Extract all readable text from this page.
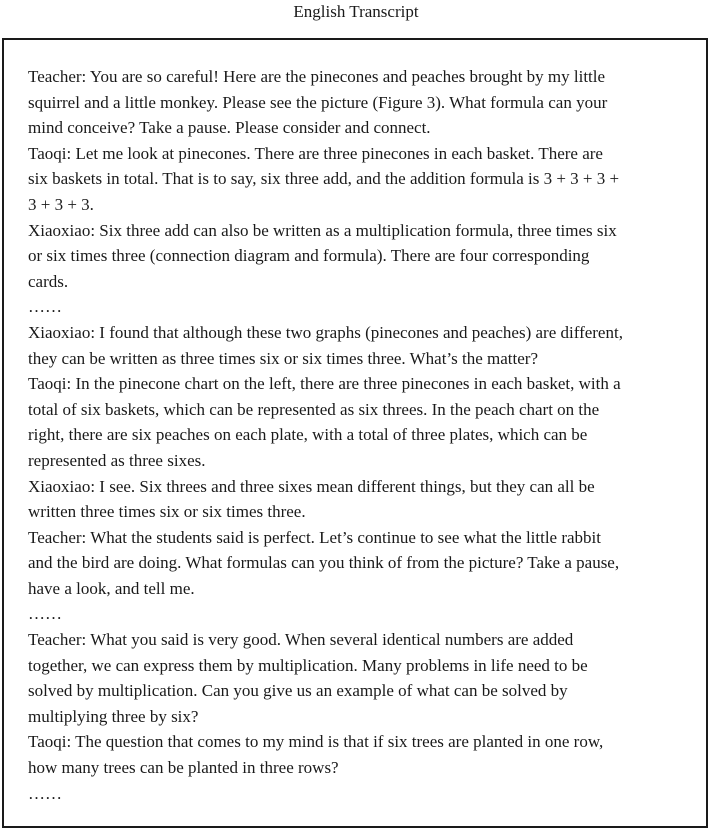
English Transcript
Teacher: You are so careful! Here are the pinecones and peaches brought by my little
squirrel and a little monkey. Please see the picture (Figure 3). What formula can your
mind conceive? Take a pause. Please consider and connect.
Taoqi: Let me look at pinecones. There are three pinecones in each basket. There are
six baskets in total. That is to say, six three add, and the addition formula is 3 + 3 + 3 +
3 + 3 + 3.
Xiaoxiao: Six three add can also be written as a multiplication formula, three times six
or six times three (connection diagram and formula). There are four corresponding
cards.
……
Xiaoxiao: I found that although these two graphs (pinecones and peaches) are different,
they can be written as three times six or six times three. What’s the matter?
Taoqi: In the pinecone chart on the left, there are three pinecones in each basket, with a
total of six baskets, which can be represented as six threes. In the peach chart on the
right, there are six peaches on each plate, with a total of three plates, which can be
represented as three sixes.
Xiaoxiao: I see. Six threes and three sixes mean different things, but they can all be
written three times six or six times three.
Teacher: What the students said is perfect. Let’s continue to see what the little rabbit
and the bird are doing. What formulas can you think of from the picture? Take a pause,
have a look, and tell me.
……
Teacher: What you said is very good. When several identical numbers are added
together, we can express them by multiplication. Many problems in life need to be
solved by multiplication. Can you give us an example of what can be solved by
multiplying three by six?
Taoqi: The question that comes to my mind is that if six trees are planted in one row,
how many trees can be planted in three rows?
……
